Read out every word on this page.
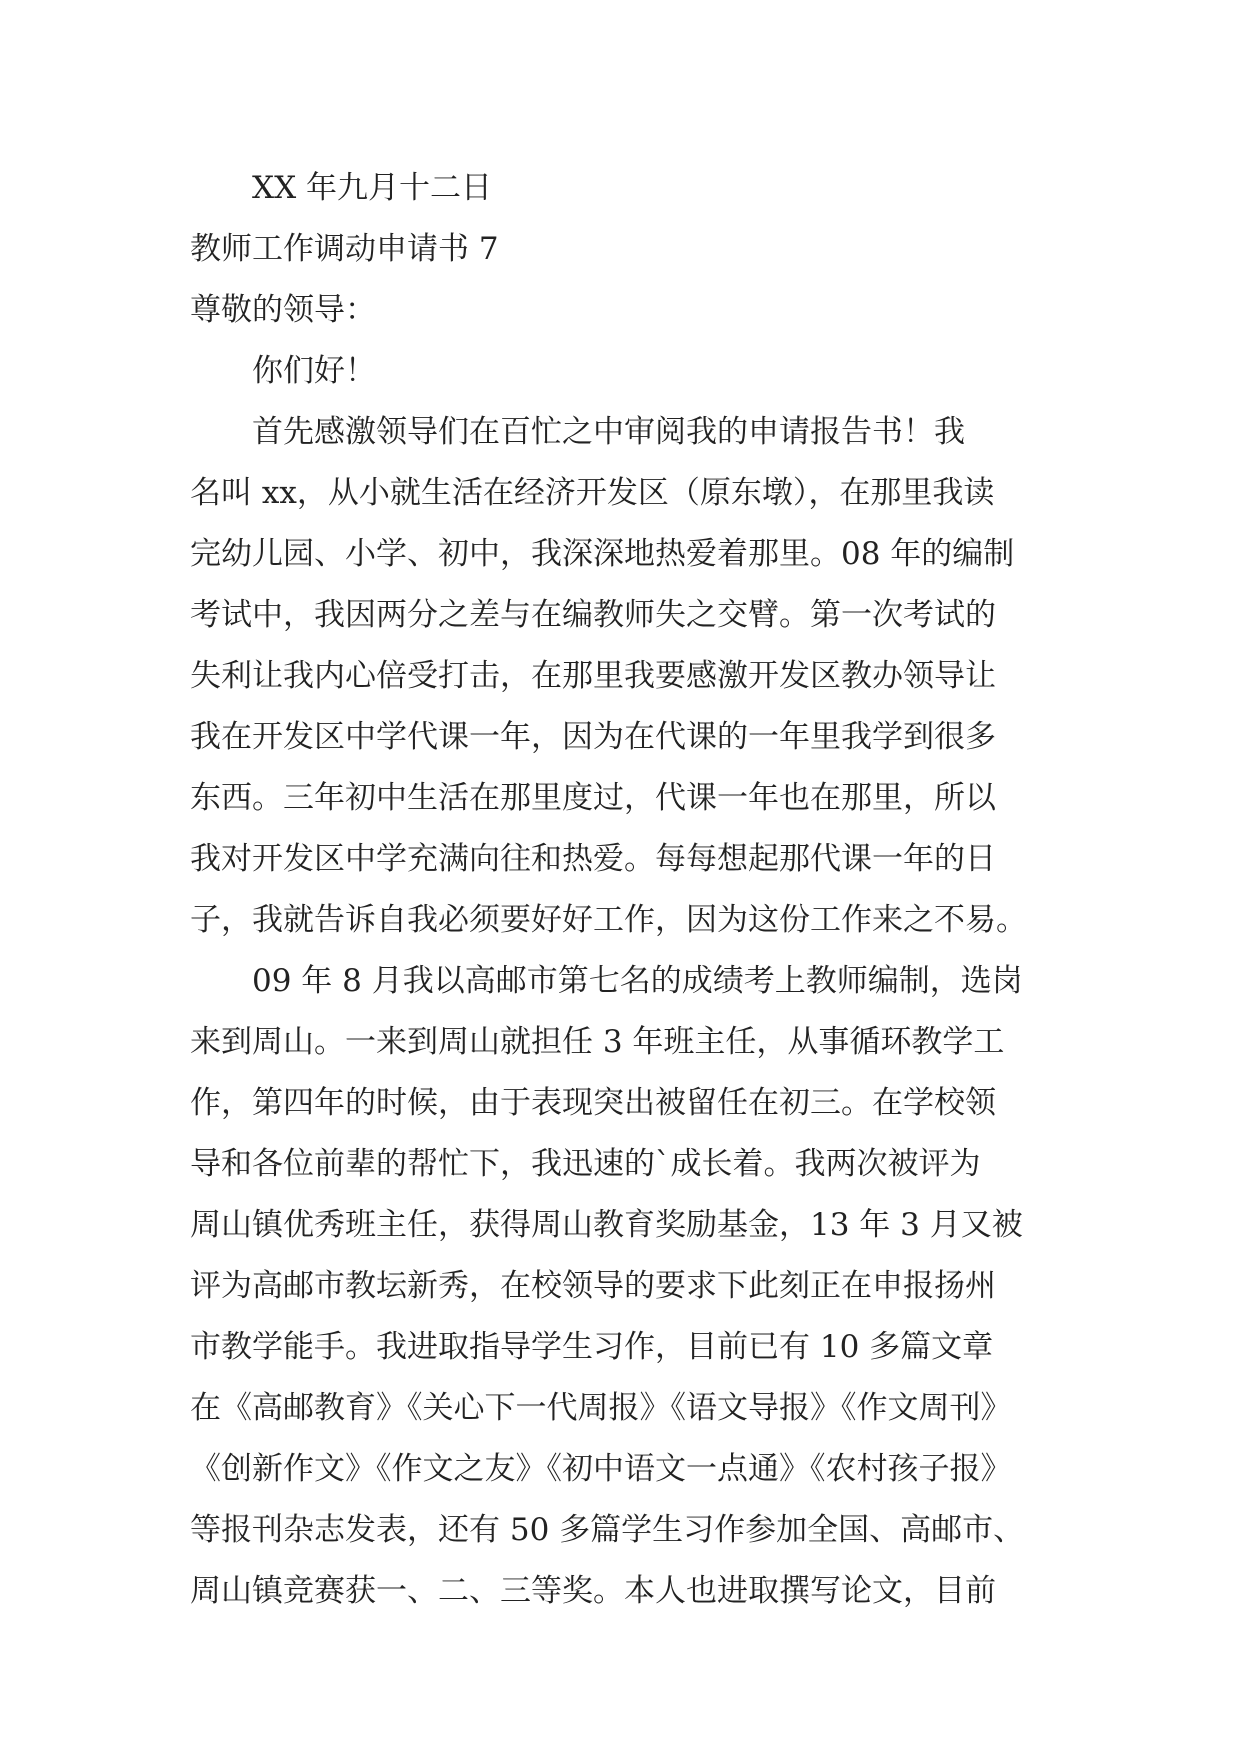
XX 年九月十二日
教师工作调动申请书 7
尊敬的领导：
你们好！
首先感激领导们在百忙之中审阅我的申请报告书！我
名叫 xx，从小就生活在经济开发区（原东墩），在那里我读
完幼儿园、小学、初中，我深深地热爱着那里。08 年的编制
考试中，我因两分之差与在编教师失之交臂。第一次考试的
失利让我内心倍受打击，在那里我要感激开发区教办领导让
我在开发区中学代课一年，因为在代课的一年里我学到很多
东西。三年初中生活在那里度过，代课一年也在那里，所以
我对开发区中学充满向往和热爱。每每想起那代课一年的日
子，我就告诉自我必须要好好工作，因为这份工作来之不易。
09 年 8 月我以高邮市第七名的成绩考上教师编制，选岗
来到周山。一来到周山就担任 3 年班主任，从事循环教学工
作，第四年的时候，由于表现突出被留任在初三。在学校领
导和各位前辈的帮忙下，我迅速的`成长着。我两次被评为
周山镇优秀班主任，获得周山教育奖励基金，13 年 3 月又被
评为高邮市教坛新秀，在校领导的要求下此刻正在申报扬州
市教学能手。我进取指导学生习作，目前已有 10 多篇文章
在《高邮教育》《关心下一代周报》《语文导报》《作文周刊》
《创新作文》《作文之友》《初中语文一点通》《农村孩子报》
等报刊杂志发表，还有 50 多篇学生习作参加全国、高邮市、
周山镇竞赛获一、二、三等奖。本人也进取撰写论文，目前
